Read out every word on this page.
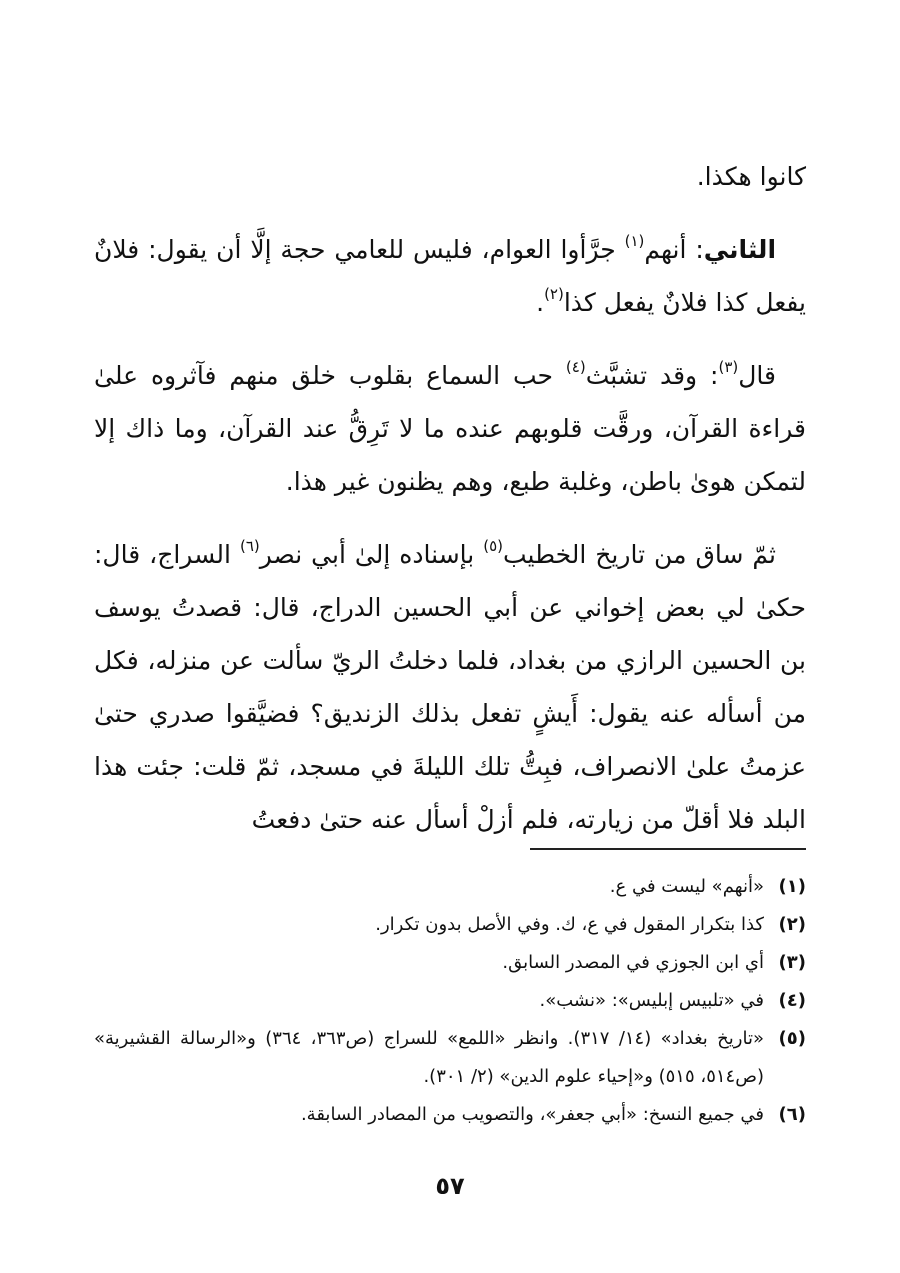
كانوا هكذا.

الثاني: أنهم$^{(١)}$ جرَّأوا العوام، فليس للعامي حجة إلَّا أن يقول: فلانٌ يفعل كذا فلانٌ يفعل كذا$^{(٢)}$.

قال$^{(٣)}$: وقد تشبَّث$^{(٤)}$ حب السماع بقلوب خلق منهم فآثروه علىٰ قراءة القرآن، ورقَّت قلوبهم عنده ما لا تَرِقُّ عند القرآن، وما ذاك إلا لتمكن هوىٰ باطن، وغلبة طبع، وهم يظنون غير هذا.

ثمّ ساق من تاريخ الخطيب$^{(٥)}$ بإسناده إلىٰ أبي نصر$^{(٦)}$ السراج، قال: حكىٰ لي بعض إخواني عن أبي الحسين الدراج، قال: قصدتُ يوسف بن الحسين الرازي من بغداد، فلما دخلتُ الريّ سألت عن منزله، فكل من أسأله عنه يقول: أَيشٍ تفعل بذلك الزنديق؟ فضيَّقوا صدري حتىٰ عزمتُ علىٰ الانصراف، فبِتُّ تلك الليلةَ في مسجد، ثمّ قلت: جئت هذا البلد فلا أقلّ من زيارته، فلم أزلْ أسأل عنه حتىٰ دفعتُ

(١)
«أنهم» ليست في ع.
(٢)
كذا بتكرار المقول في ع، ك. وفي الأصل بدون تكرار.
(٣)
أي ابن الجوزي في المصدر السابق.
(٤)
في «تلبيس إبليس»: «نشب».
(٥)
«تاريخ بغداد» (١٤/ ٣١٧). وانظر «اللمع» للسراج (ص٣٦٣، ٣٦٤) و«الرسالة القشيرية» (ص٥١٤، ٥١٥) و«إحياء علوم الدين» (٢/ ٣٠١).
(٦)
في جميع النسخ: «أبي جعفر»، والتصويب من المصادر السابقة.
٥٧
